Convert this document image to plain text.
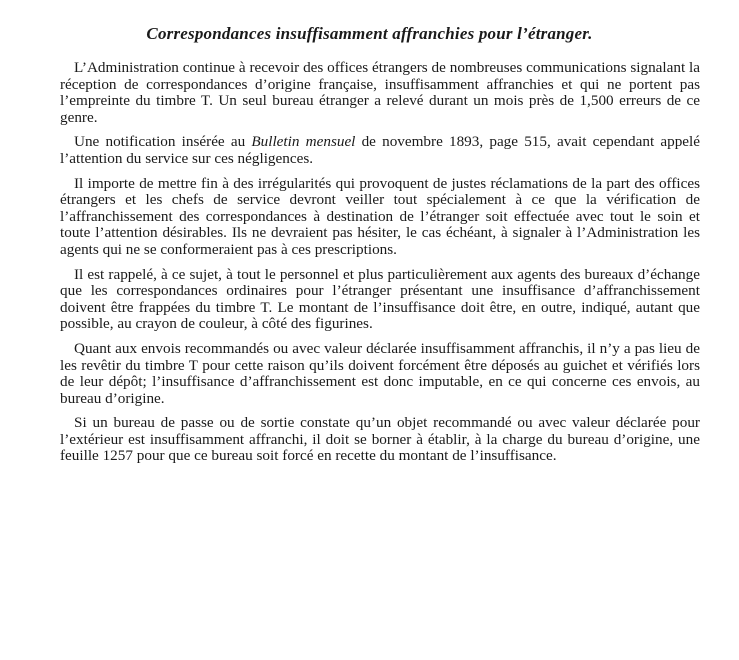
Correspondances insuffisamment affranchies pour l’étranger.

L’Administration continue à recevoir des offices étrangers de nombreuses communications signalant la réception de correspondances d’origine française, insuffisamment affranchies et qui ne portent pas l’empreinte du timbre T. Un seul bureau étranger a relevé durant un mois près de 1,500 erreurs de ce genre.

Une notification insérée au Bulletin mensuel de novembre 1893, page 515, avait cependant appelé l’attention du service sur ces négligences.

Il importe de mettre fin à des irrégularités qui provoquent de justes réclamations de la part des offices étrangers et les chefs de service devront veiller tout spécialement à ce que la vérification de l’affranchissement des correspondances à destination de l’étranger soit effectuée avec tout le soin et toute l’attention désirables. Ils ne devraient pas hésiter, le cas échéant, à signaler à l’Administration les agents qui ne se conformeraient pas à ces prescriptions.

Il est rappelé, à ce sujet, à tout le personnel et plus particulièrement aux agents des bureaux d’échange que les correspondances ordinaires pour l’étranger présentant une insuffisance d’affranchissement doivent être frappées du timbre T. Le montant de l’insuffisance doit être, en outre, indiqué, autant que possible, au crayon de couleur, à côté des figurines.

Quant aux envois recommandés ou avec valeur déclarée insuffisamment affranchis, il n’y a pas lieu de les revêtir du timbre T pour cette raison qu’ils doivent forcément être déposés au guichet et vérifiés lors de leur dépôt; l’insuffisance d’affranchissement est donc imputable, en ce qui concerne ces envois, au bureau d’origine.

Si un bureau de passe ou de sortie constate qu’un objet recommandé ou avec valeur déclarée pour l’extérieur est insuffisamment affranchi, il doit se borner à établir, à la charge du bureau d’origine, une feuille 1257 pour que ce bureau soit forcé en recette du montant de l’insuffisance.
